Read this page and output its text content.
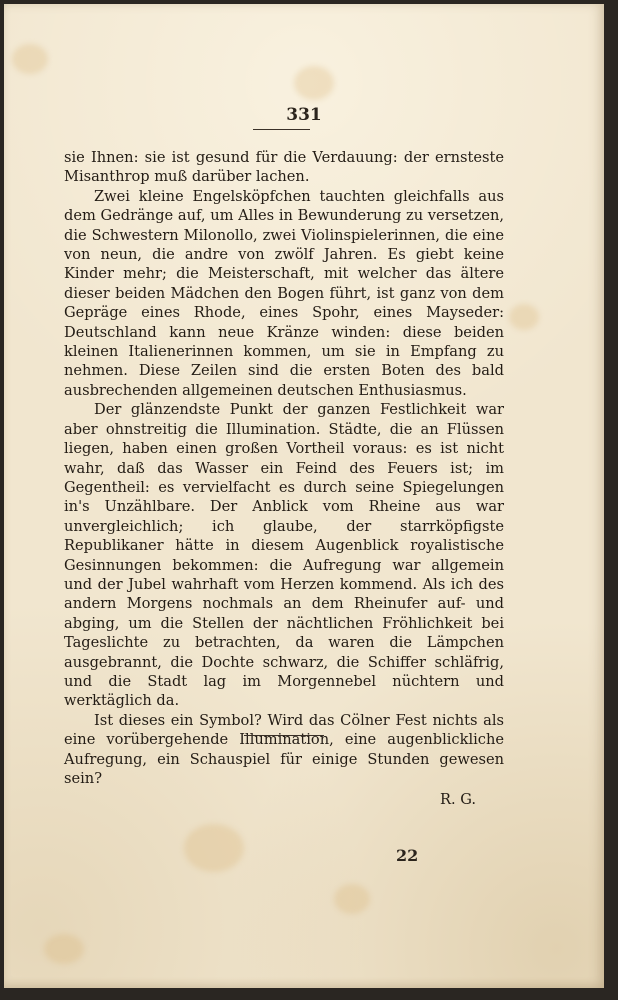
331

sie Ihnen: sie ist gesund für die Verdauung: der ernsteste Misanthrop muß darüber lachen.

Zwei kleine Engelsköpfchen tauchten gleichfalls aus dem Gedränge auf, um Alles in Bewunderung zu versetzen, die Schwestern Milonollo, zwei Violinspielerinnen, die eine von neun, die andre von zwölf Jahren. Es giebt keine Kinder mehr; die Meisterschaft, mit welcher das ältere dieser beiden Mädchen den Bogen führt, ist ganz von dem Gepräge eines Rhode, eines Spohr, eines Mayseder: Deutschland kann neue Kränze winden: diese beiden kleinen Italienerinnen kommen, um sie in Empfang zu nehmen. Diese Zeilen sind die ersten Boten des bald ausbrechenden allgemeinen deutschen Enthusiasmus.

Der glänzendste Punkt der ganzen Festlichkeit war aber ohnstreitig die Illumination. Städte, die an Flüssen liegen, haben einen großen Vortheil voraus: es ist nicht wahr, daß das Wasser ein Feind des Feuers ist; im Gegentheil: es vervielfacht es durch seine Spiegelungen in's Unzählbare. Der Anblick vom Rheine aus war unvergleichlich; ich glaube, der starrköpfigste Republikaner hätte in diesem Augenblick royalistische Gesinnungen bekommen: die Aufregung war allgemein und der Jubel wahrhaft vom Herzen kommend. Als ich des andern Morgens nochmals an dem Rheinufer auf- und abging, um die Stellen der nächtlichen Fröhlichkeit bei Tageslichte zu betrachten, da waren die Lämpchen ausgebrannt, die Dochte schwarz, die Schiffer schläfrig, und die Stadt lag im Morgennebel nüchtern und werktäglich da.

Ist dieses ein Symbol? Wird das Cölner Fest nichts als eine vorübergehende Illumination, eine augenblickliche Aufregung, ein Schauspiel für einige Stunden gewesen sein?

R. G.

22
